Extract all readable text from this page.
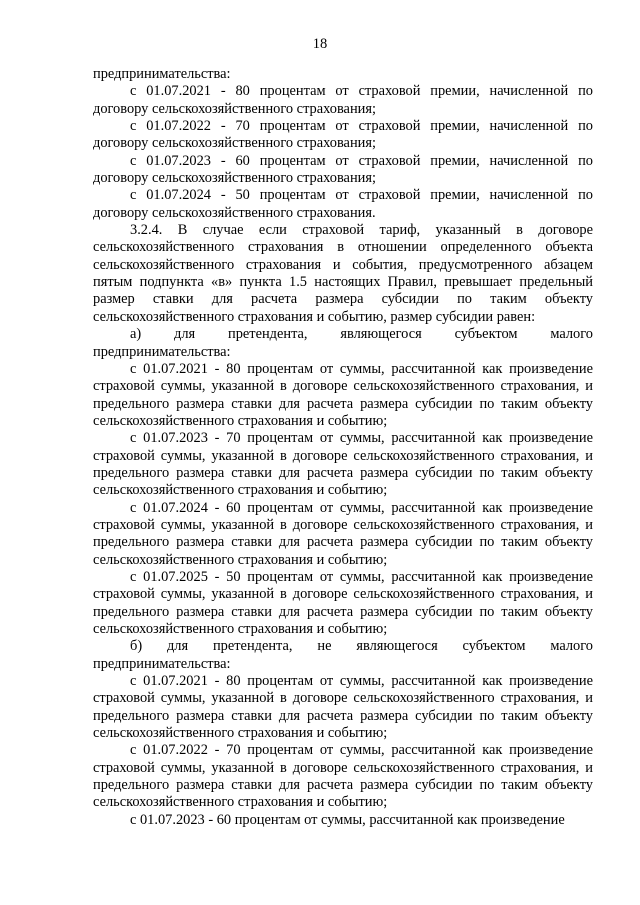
18

предпринимательства:

с 01.07.2021 - 80 процентам от страховой премии, начисленной по договору сельскохозяйственного страхования;

с 01.07.2022 - 70 процентам от страховой премии, начисленной по договору сельскохозяйственного страхования;

с 01.07.2023 - 60 процентам от страховой премии, начисленной по договору сельскохозяйственного страхования;

с 01.07.2024 - 50 процентам от страховой премии, начисленной по договору сельскохозяйственного страхования.

3.2.4. В случае если страховой тариф, указанный в договоре сельскохозяйственного страхования в отношении определенного объекта сельскохозяйственного страхования и события, предусмотренного абзацем пятым подпункта «в» пункта 1.5 настоящих Правил, превышает предельный размер ставки для расчета размера субсидии по таким объекту сельскохозяйственного страхования и событию, размер субсидии равен:

а) для претендента, являющегося субъектом малого

предпринимательства:

с 01.07.2021 - 80 процентам от суммы, рассчитанной как произведение страховой суммы, указанной в договоре сельскохозяйственного страхования, и предельного размера ставки для расчета размера субсидии по таким объекту сельскохозяйственного страхования и событию;

с 01.07.2023 - 70 процентам от суммы, рассчитанной как произведение страховой суммы, указанной в договоре сельскохозяйственного страхования, и предельного размера ставки для расчета размера субсидии по таким объекту сельскохозяйственного страхования и событию;

с 01.07.2024 - 60 процентам от суммы, рассчитанной как произведение страховой суммы, указанной в договоре сельскохозяйственного страхования, и предельного размера ставки для расчета размера субсидии по таким объекту сельскохозяйственного страхования и событию;

с 01.07.2025 - 50 процентам от суммы, рассчитанной как произведение страховой суммы, указанной в договоре сельскохозяйственного страхования, и предельного размера ставки для расчета размера субсидии по таким объекту сельскохозяйственного страхования и событию;

б) для претендента, не являющегося субъектом малого

предпринимательства:

с 01.07.2021 - 80 процентам от суммы, рассчитанной как произведение страховой суммы, указанной в договоре сельскохозяйственного страхования, и предельного размера ставки для расчета размера субсидии по таким объекту сельскохозяйственного страхования и событию;

с 01.07.2022 - 70 процентам от суммы, рассчитанной как произведение страховой суммы, указанной в договоре сельскохозяйственного страхования, и предельного размера ставки для расчета размера субсидии по таким объекту сельскохозяйственного страхования и событию;

с 01.07.2023 - 60 процентам от суммы, рассчитанной как произведение
